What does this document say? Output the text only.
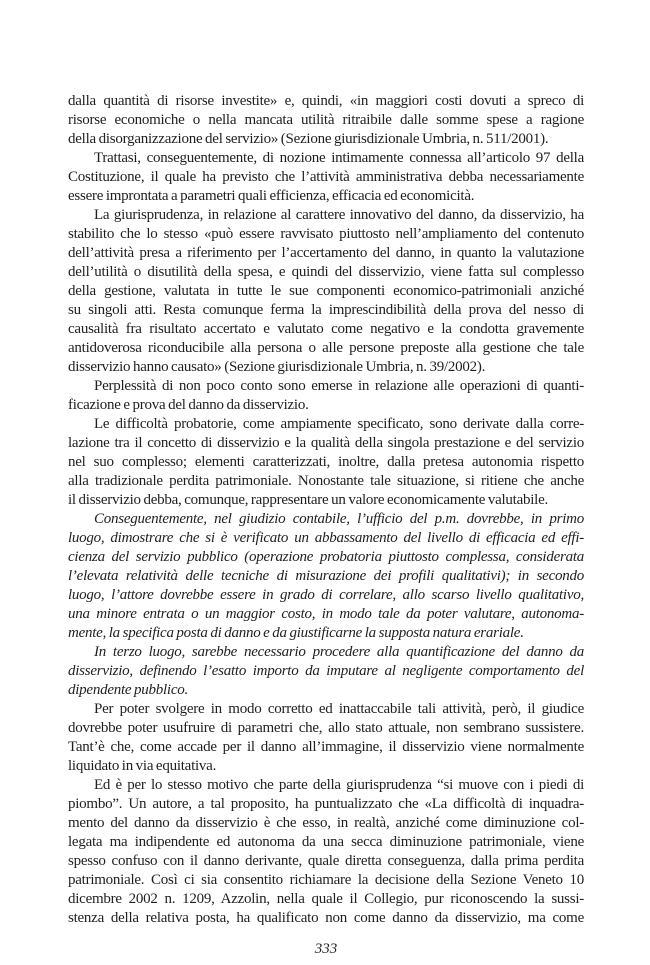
dalla quantità di risorse investite» e, quindi, «in maggiori costi dovuti a spreco di
risorse economiche o nella mancata utilità ritraibile dalle somme spese a ragione
della disorganizzazione del servizio» (Sezione giurisdizionale Umbria, n. 511/2001).
Trattasi, conseguentemente, di nozione intimamente connessa all’articolo 97 della
Costituzione, il quale ha previsto che l’attività amministrativa debba necessariamente
essere improntata a parametri quali efficienza, efficacia ed economicità.
La giurisprudenza, in relazione al carattere innovativo del danno, da disservizio, ha
stabilito che lo stesso «può essere ravvisato piuttosto nell’ampliamento del contenuto
dell’attività presa a riferimento per l’accertamento del danno, in quanto la valutazione
dell’utilità o disutilità della spesa, e quindi del disservizio, viene fatta sul complesso
della gestione, valutata in tutte le sue componenti economico-patrimoniali anziché
su singoli atti. Resta comunque ferma la imprescindibilità della prova del nesso di
causalità fra risultato accertato e valutato come negativo e la condotta gravemente
antidoverosa riconducibile alla persona o alle persone preposte alla gestione che tale
disservizio hanno causato» (Sezione giurisdizionale Umbria, n. 39/2002).
Perplessità di non poco conto sono emerse in relazione alle operazioni di quanti-
ficazione e prova del danno da disservizio.
Le difficoltà probatorie, come ampiamente specificato, sono derivate dalla corre-
lazione tra il concetto di disservizio e la qualità della singola prestazione e del servizio
nel suo complesso; elementi caratterizzati, inoltre, dalla pretesa autonomia rispetto
alla tradizionale perdita patrimoniale. Nonostante tale situazione, si ritiene che anche
il disservizio debba, comunque, rappresentare un valore economicamente valutabile.
Conseguentemente, nel giudizio contabile, l’ufficio del p.m. dovrebbe, in primo
luogo, dimostrare che si è verificato un abbassamento del livello di efficacia ed effi-
cienza del servizio pubblico (operazione probatoria piuttosto complessa, considerata
l’elevata relatività delle tecniche di misurazione dei profili qualitativi); in secondo
luogo, l’attore dovrebbe essere in grado di correlare, allo scarso livello qualitativo,
una minore entrata o un maggior costo, in modo tale da poter valutare, autonoma-
mente, la specifica posta di danno e da giustificarne la supposta natura erariale.
In terzo luogo, sarebbe necessario procedere alla quantificazione del danno da
disservizio, definendo l’esatto importo da imputare al negligente comportamento del
dipendente pubblico.
Per poter svolgere in modo corretto ed inattaccabile tali attività, però, il giudice
dovrebbe poter usufruire di parametri che, allo stato attuale, non sembrano sussistere.
Tant’è che, come accade per il danno all’immagine, il disservizio viene normalmente
liquidato in via equitativa.
Ed è per lo stesso motivo che parte della giurisprudenza “si muove con i piedi di
piombo”. Un autore, a tal proposito, ha puntualizzato che «La difficoltà di inquadra-
mento del danno da disservizio è che esso, in realtà, anziché come diminuzione col-
legata ma indipendente ed autonoma da una secca diminuzione patrimoniale, viene
spesso confuso con il danno derivante, quale diretta conseguenza, dalla prima perdita
patrimoniale. Così ci sia consentito richiamare la decisione della Sezione Veneto 10
dicembre 2002 n. 1209, Azzolin, nella quale il Collegio, pur riconoscendo la sussi-
stenza della relativa posta, ha qualificato non come danno da disservizio, ma come
333
